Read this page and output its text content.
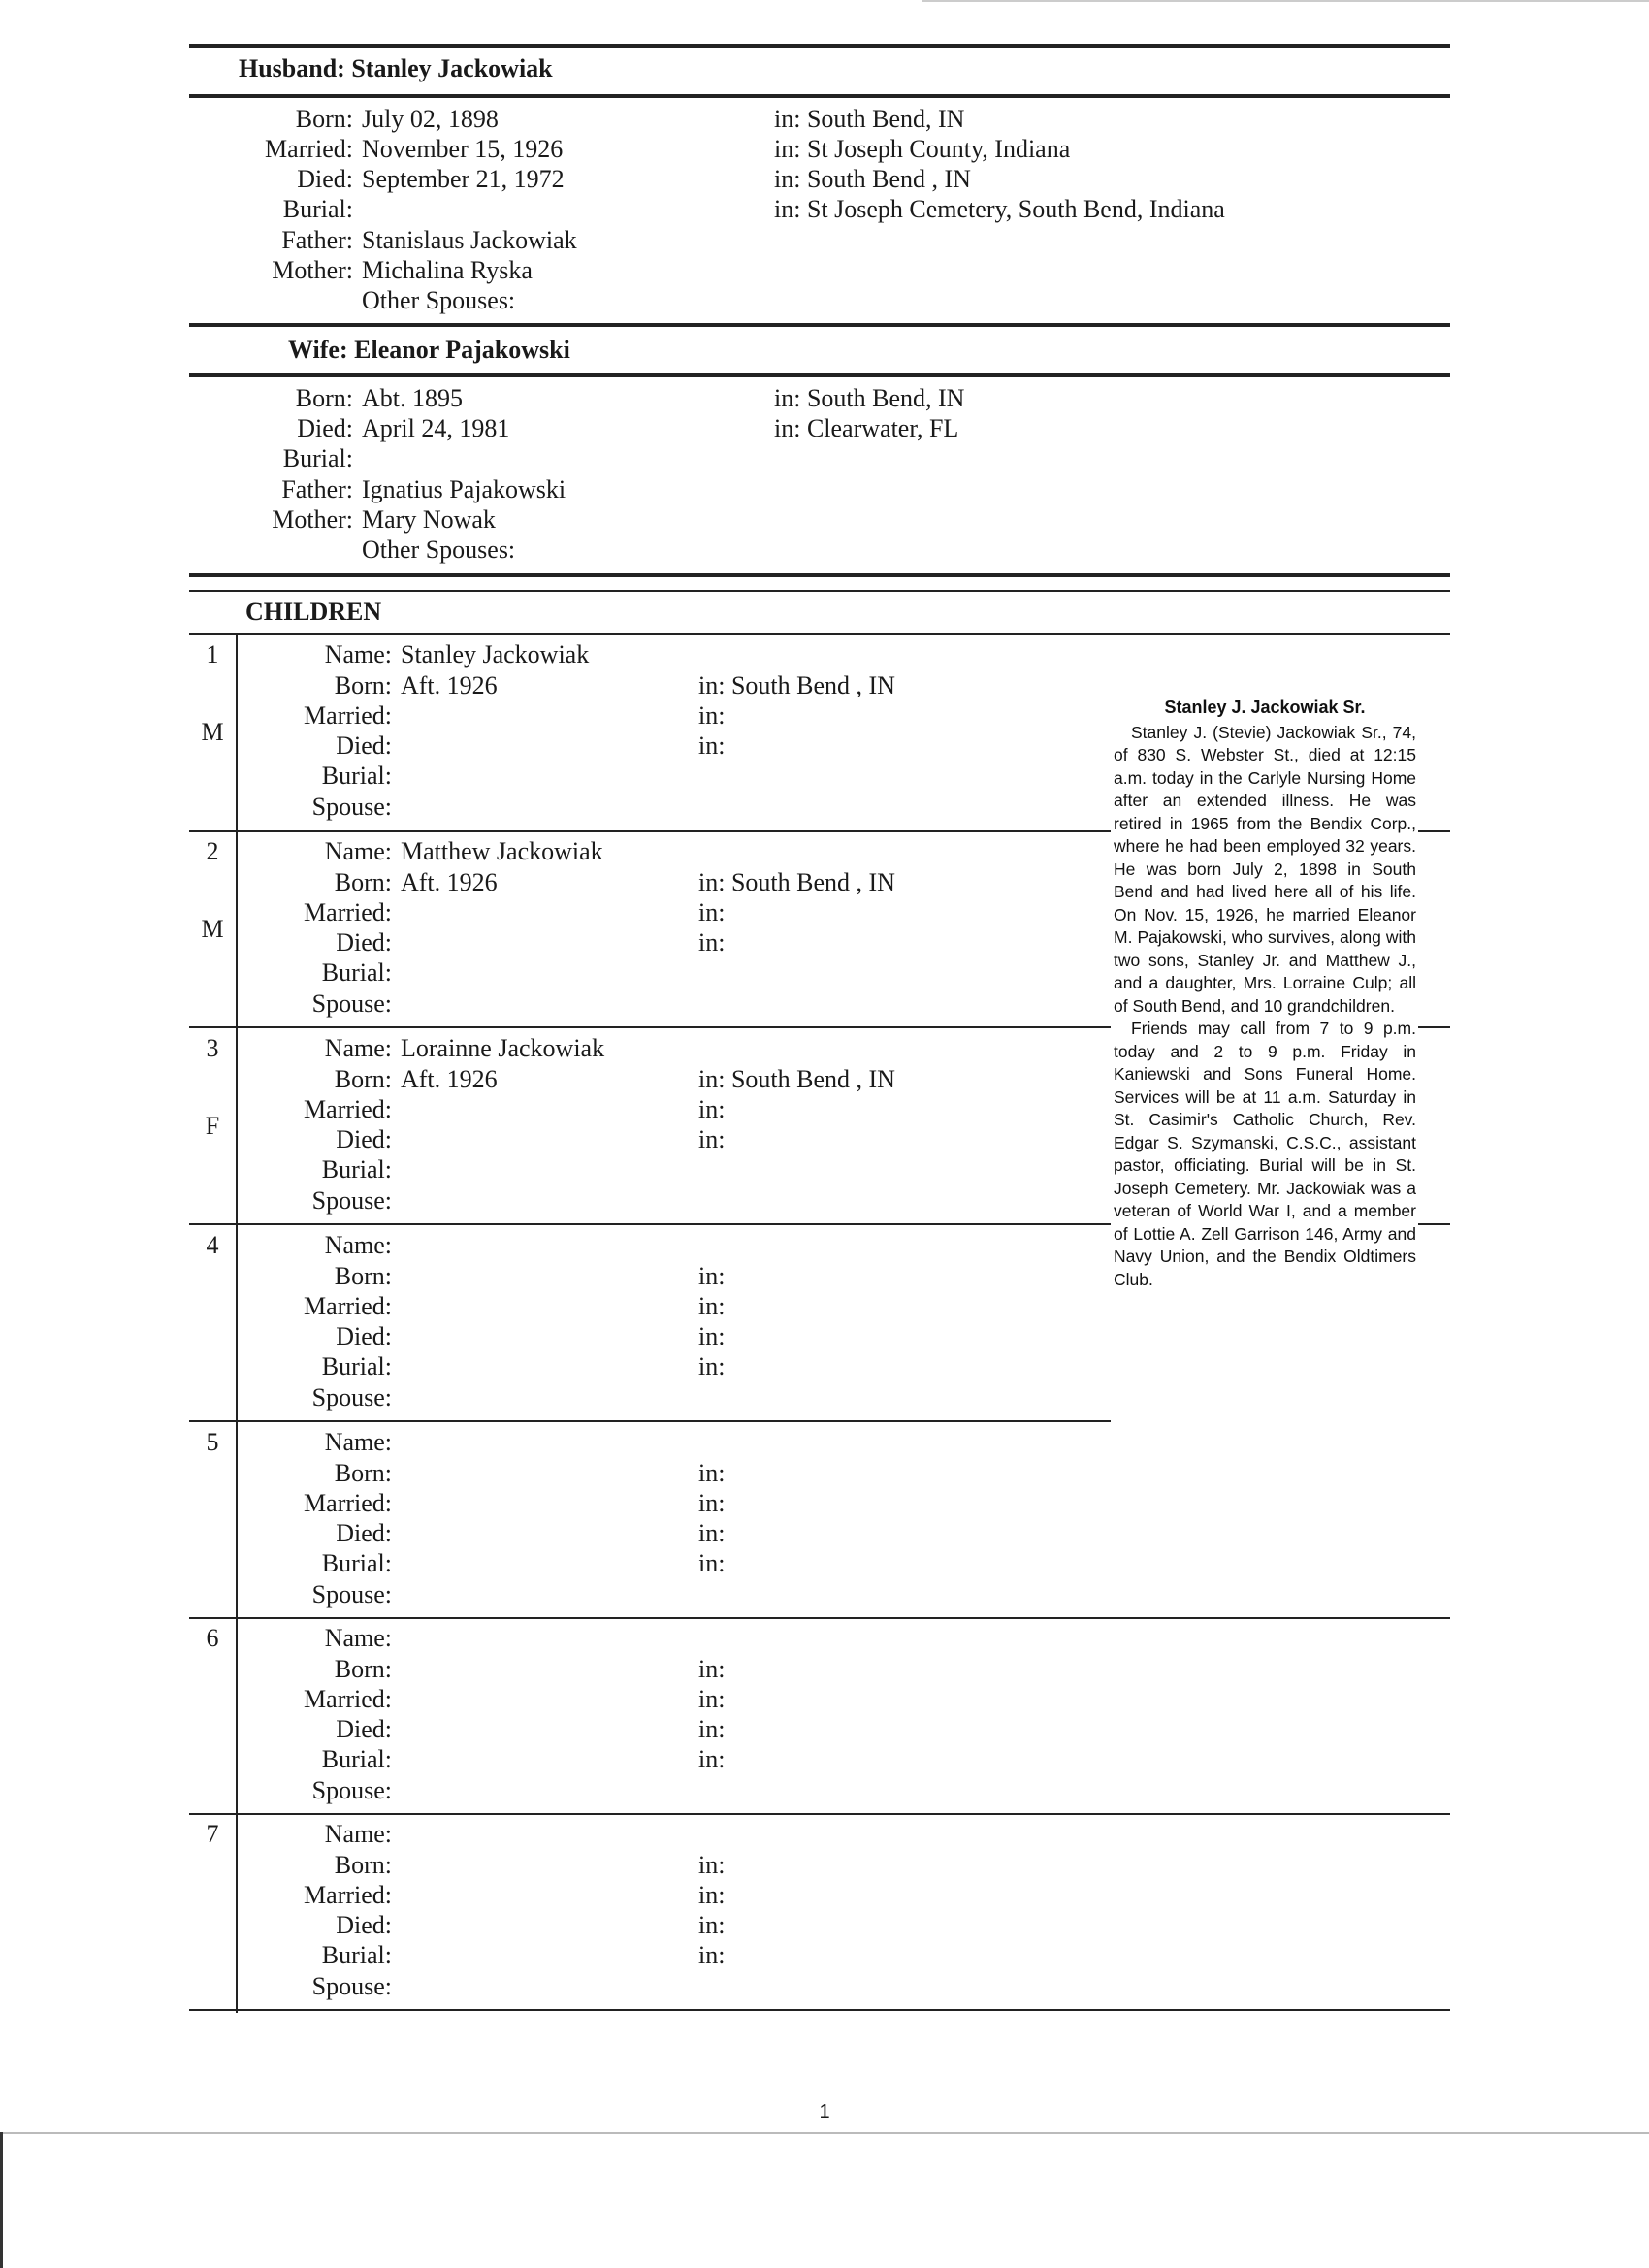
Husband: Stanley Jackowiak
Born: July 02, 1898	in: South Bend, IN
Married: November 15, 1926	in: St Joseph County, Indiana
Died: September 21, 1972	in: South Bend , IN
Burial:	in: St Joseph Cemetery, South Bend, Indiana
Father: Stanislaus Jackowiak
Mother: Michalina Ryska
Other Spouses:
Wife: Eleanor Pajakowski
Born: Abt. 1895	in: South Bend, IN
Died: April 24, 1981	in: Clearwater, FL
Burial:
Father: Ignatius Pajakowski
Mother: Mary Nowak
Other Spouses:
CHILDREN
1
M
Name: Stanley Jackowiak
Born: Aft. 1926	in: South Bend , IN
Married:	in:
Died:	in:
Burial:
Spouse:
2
M
Name: Matthew Jackowiak
Born: Aft. 1926	in: South Bend , IN
Married:	in:
Died:	in:
Burial:
Spouse:
3
F
Name: Lorainne Jackowiak
Born: Aft. 1926	in: South Bend , IN
Married:	in:
Died:	in:
Burial:
Spouse:
4	Name:
Born:	in:
Married:	in:
Died:	in:
Burial:	in:
Spouse:
5	Name:
Born:	in:
Married:	in:
Died:	in:
Burial:	in:
Spouse:
6	Name:
Born:	in:
Married:	in:
Died:	in:
Burial:	in:
Spouse:
7	Name:
Born:	in:
Married:	in:
Died:	in:
Burial:	in:
Spouse:
Stanley J. Jackowiak Sr.

Stanley J. (Stevie) Jackowiak Sr., 74, of 830 S. Webster St., died at 12:15 a.m. today in the Carlyle Nursing Home after an extended illness. He was retired in 1965 from the Bendix Corp., where he had been employed 32 years. He was born July 2, 1898 in South Bend and had lived here all of his life. On Nov. 15, 1926, he married Eleanor M. Pajakowski, who survives, along with two sons, Stanley Jr. and Matthew J., and a daughter, Mrs. Lorraine Culp; all of South Bend, and 10 grandchildren.

Friends may call from 7 to 9 p.m. today and 2 to 9 p.m. Friday in Kaniewski and Sons Funeral Home. Services will be at 11 a.m. Saturday in St. Casimir's Catholic Church, Rev. Edgar S. Szymanski, C.S.C., assistant pastor, officiating. Burial will be in St. Joseph Cemetery. Mr. Jackowiak was a veteran of World War I, and a member of Lottie A. Zell Garrison 146, Army and Navy Union, and the Bendix Oldtimers Club.

1
